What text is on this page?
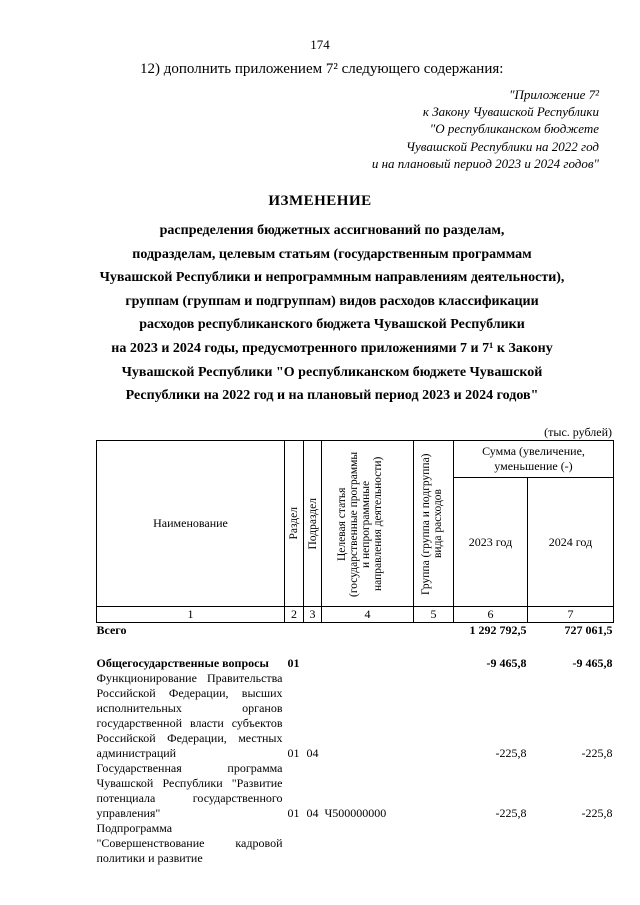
174
12) дополнить приложением 7² следующего содержания:
"Приложение 7²
к Закону Чувашской Республики
"О республиканском бюджете
Чувашской Республики на 2022 год
и на плановый период 2023 и 2024 годов"
ИЗМЕНЕНИЕ
распределения бюджетных ассигнований по разделам,
подразделам, целевым статьям (государственным программам
Чувашской Республики и непрограммным направлениям деятельности),
группам (группам и подгруппам) видов расходов классификации
расходов республиканского бюджета Чувашской Республики
на 2023 и 2024 годы, предусмотренного приложениями 7 и 7¹ к Закону
Чувашской Республики "О республиканском бюджете Чувашской
Республики на 2022 год и на плановый период 2023 и 2024 годов"
(тыс. рублей)
Наименование	Раздел	Подраздел	Целевая статья (государственные программы и непрограммные направления деятельности)	Группа (группа и подгруппа) вида расходов	Сумма (увеличение, уменьшение (-)	
					2023 год	2024 год
1	2	3	4	5	6	7
Всего					1 292 792,5	727 061,5

Общегосударственные вопросы	01				-9 465,8	-9 465,8
Функционирование Правительства Российской Федерации, высших исполнительных органов государственной власти субъектов Российской Федерации, местных администраций	01	04			-225,8	-225,8
Государственная программа Чувашской Республики "Развитие потенциала государственного управления"	01	04	Ч500000000		-225,8	-225,8
Подпрограмма "Совершенствование кадровой политики и развитие						
